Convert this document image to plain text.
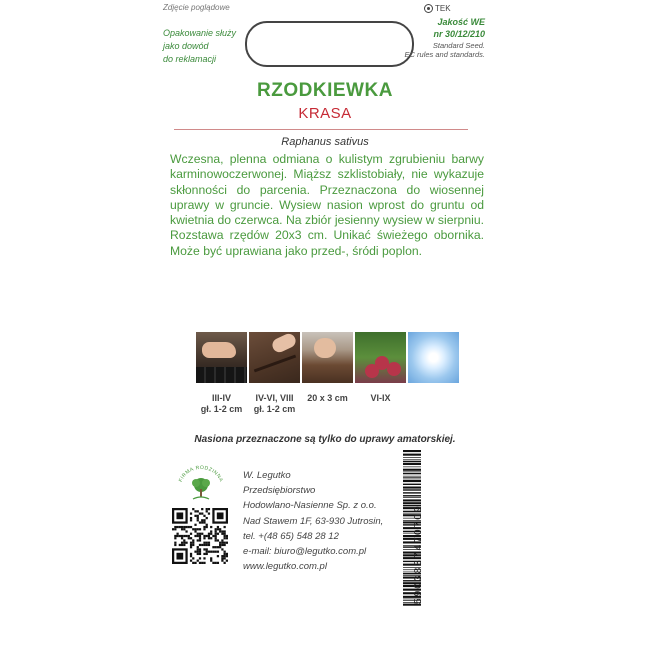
Zdjęcie poglądowe
Opakowanie służy
jako dowód
do reklamacji
TEK
Jakość WE
nr 30/12/210
Standard Seed.
EC rules and standards.
RZODKIEWKA
KRASA
Raphanus sativus
Wczesna, plenna odmiana o kulistym zgrubieniu barwy karminowoczerwonej. Miąższ szklistobiały, nie wykazuje skłonności do parcenia. Przeznaczona do wiosennej uprawy w gruncie. Wysiew nasion wprost do gruntu od kwietnia do czerwca. Na zbiór jesienny wysiew w sierpniu. Rozstawa rzędów 20x3 cm. Unikać świeżego obornika. Może być uprawiana jako przed-, śródi poplon.
III-IV
gł. 1-2 cm
IV-VI, VIII
gł. 1-2 cm
20 x 3 cm	VI-IX
Nasiona przeznaczone są tylko do uprawy amatorskiej.
FIRMA RODZINNA W. Legutko
Przedsiębiorstwo
Hodowlano-Nasienne Sp. z o.o.
Nad Stawem 1F, 63-930 Jutrosin,
tel. +(48 65) 548 28 12
e-mail: biuro@legutko.com.pl
www.legutko.com.pl	5903837470709
